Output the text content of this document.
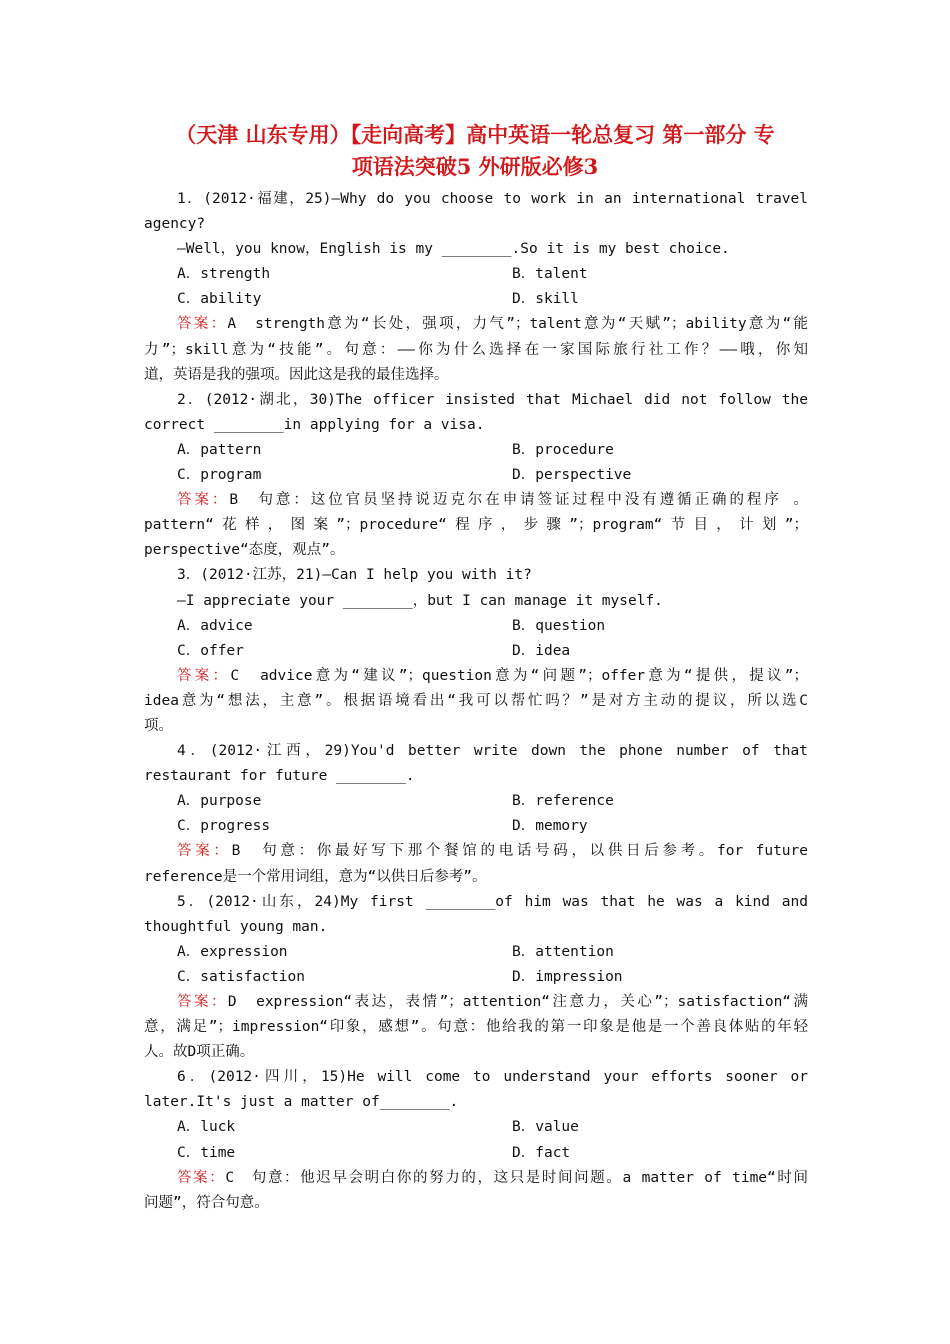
（天津 山东专用）【走向高考】高中英语一轮总复习 第一部分 专
项语法突破5 外研版必修3
1．(2012·福建，25)—Why do you choose to work in an international travel
agency?
—Well，you know，English is my ________.So it is my best choice.
A．strength	B．talent
C．ability	D．skill
答案：A　strength意为“长处，强项，力气”；talent意为“天赋”；ability意为“能
力”；skill意为“技能”。句意：——你为什么选择在一家国际旅行社工作？——哦，你知
道，英语是我的强项。因此这是我的最佳选择。
2．(2012·湖北，30)The officer insisted that Michael did not follow the
correct ________in applying for a visa.
A．pattern	B．procedure
C．program	D．perspective
答案：B　句意：这位官员坚持说迈克尔在申请签证过程中没有遵循正确的程序 。
pattern“花样，图案”；procedure“程序，步骤”；program“节目，计划”；
perspective“态度，观点”。
3．(2012·江苏，21)—Can I help you with it?
—I appreciate your ________，but I can manage it myself.
A．advice	B．question
C．offer	D．idea
答案：C　advice意为“建议”；question意为“问题”；offer意为“提供，提议”；
idea意为“想法，主意”。根据语境看出“我可以帮忙吗？”是对方主动的提议，所以选C
项。
4．(2012·江西，29)You'd better write down the phone number of that
restaurant for future ________.
A．purpose	B．reference
C．progress	D．memory
答案：B　句意：你最好写下那个餐馆的电话号码，以供日后参考。for future
reference是一个常用词组，意为“以供日后参考”。
5．(2012·山东，24)My first ________of him was that he was a kind and
thoughtful young man.
A．expression	B．attention
C．satisfaction	D．impression
答案：D　expression“表达，表情”；attention“注意力，关心”；satisfaction“满
意，满足”；impression“印象，感想”。句意：他给我的第一印象是他是一个善良体贴的年轻
人。故D项正确。
6．(2012·四川，15)He will come to understand your efforts sooner or
later.It's just a matter of________.
A．luck	B．value
C．time	D．fact
答案：C　句意：他迟早会明白你的努力的，这只是时间问题。a matter of time“时间
问题”，符合句意。
